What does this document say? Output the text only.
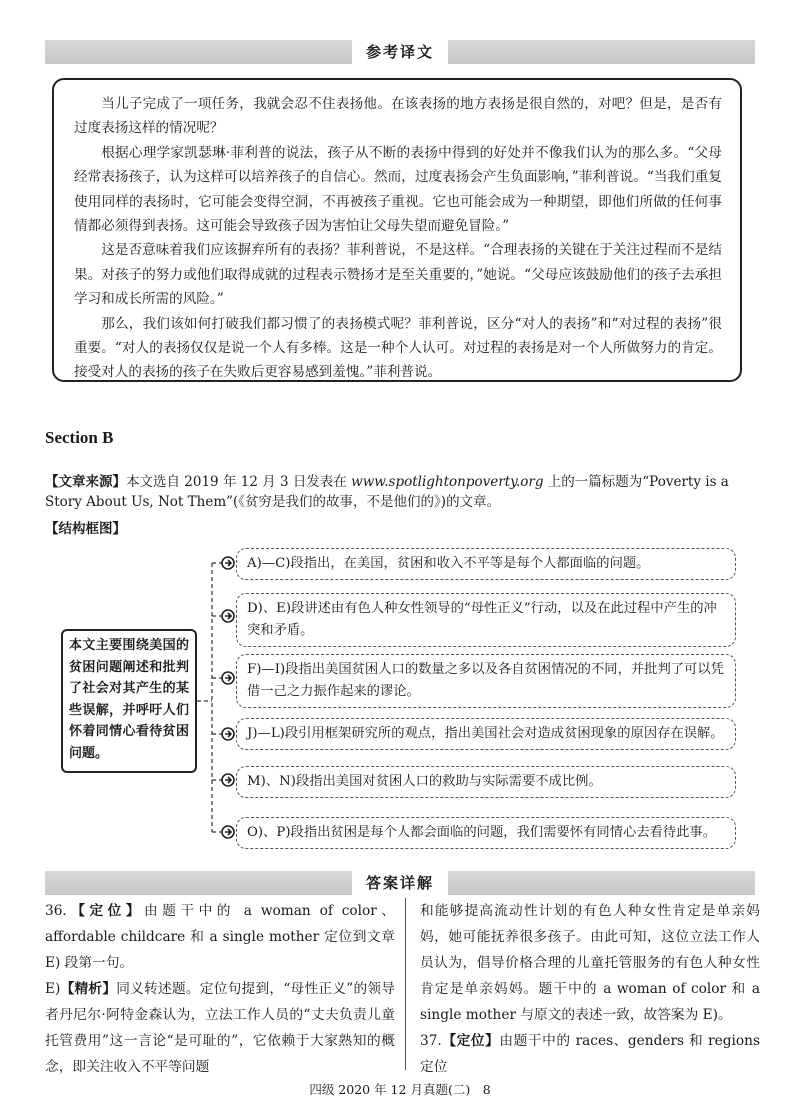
参考译文

当儿子完成了一项任务，我就会忍不住表扬他。在该表扬的地方表扬是很自然的，对吧？但是，是否有过度表扬这样的情况呢？

根据心理学家凯瑟琳·菲利普的说法，孩子从不断的表扬中得到的好处并不像我们认为的那么多。“父母经常表扬孩子，认为这样可以培养孩子的自信心。然而，过度表扬会产生负面影响，”菲利普说。“当我们重复使用同样的表扬时，它可能会变得空洞，不再被孩子重视。它也可能会成为一种期望，即他们所做的任何事情都必须得到表扬。这可能会导致孩子因为害怕让父母失望而避免冒险。”

这是否意味着我们应该摒弃所有的表扬？菲利普说，不是这样。“合理表扬的关键在于关注过程而不是结果。对孩子的努力或他们取得成就的过程表示赞扬才是至关重要的，”她说。“父母应该鼓励他们的孩子去承担学习和成长所需的风险。”

那么，我们该如何打破我们都习惯了的表扬模式呢？菲利普说，区分“对人的表扬”和“对过程的表扬”很重要。“对人的表扬仅仅是说一个人有多棒。这是一种个人认可。对过程的表扬是对一个人所做努力的肯定。接受对人的表扬的孩子在失败后更容易感到羞愧。”菲利普说。

Section B

【文章来源】本文选自 2019 年 12 月 3 日发表在 www.spotlightonpoverty.org 上的一篇标题为“Poverty is a Story About Us, Not Them”(《贫穷是我们的故事，不是他们的》)的文章。

【结构框图】

本文主要围绕美国的贫困问题阐述和批判了社会对其产生的某些误解，并呼吁人们怀着同情心看待贫困问题。
A)—C)段指出，在美国，贫困和收入不平等是每个人都面临的问题。
D)、E)段讲述由有色人种女性领导的“母性正义”行动，以及在此过程中产生的冲突和矛盾。
F)—I)段指出美国贫困人口的数量之多以及各自贫困情况的不同，并批判了可以凭借一己之力振作起来的谬论。
J)—L)段引用框架研究所的观点，指出美国社会对造成贫困现象的原因存在误解。
M)、N)段指出美国对贫困人口的救助与实际需要不成比例。
O)、P)段指出贫困是每个人都会面临的问题，我们需要怀有同情心去看待此事。
答案详解

36.【定位】由题干中的 a woman of color、affordable childcare 和 a single mother 定位到文章 E) 段第一句。

E)【精析】同义转述题。定位句提到，“母性正义”的领导者丹尼尔·阿特金森认为，立法工作人员的“丈夫负责儿童托管费用”这一言论“是可耻的”，它依赖于大家熟知的概念，即关注收入不平等问题

和能够提高流动性计划的有色人种女性肯定是单亲妈妈，她可能抚养很多孩子。由此可知，这位立法工作人员认为，倡导价格合理的儿童托管服务的有色人种女性肯定是单亲妈妈。题干中的 a woman of color 和 a single mother 与原文的表述一致，故答案为 E)。

37.【定位】由题干中的 races、genders 和 regions 定位

四级 2020 年 12 月真题(二)　8
